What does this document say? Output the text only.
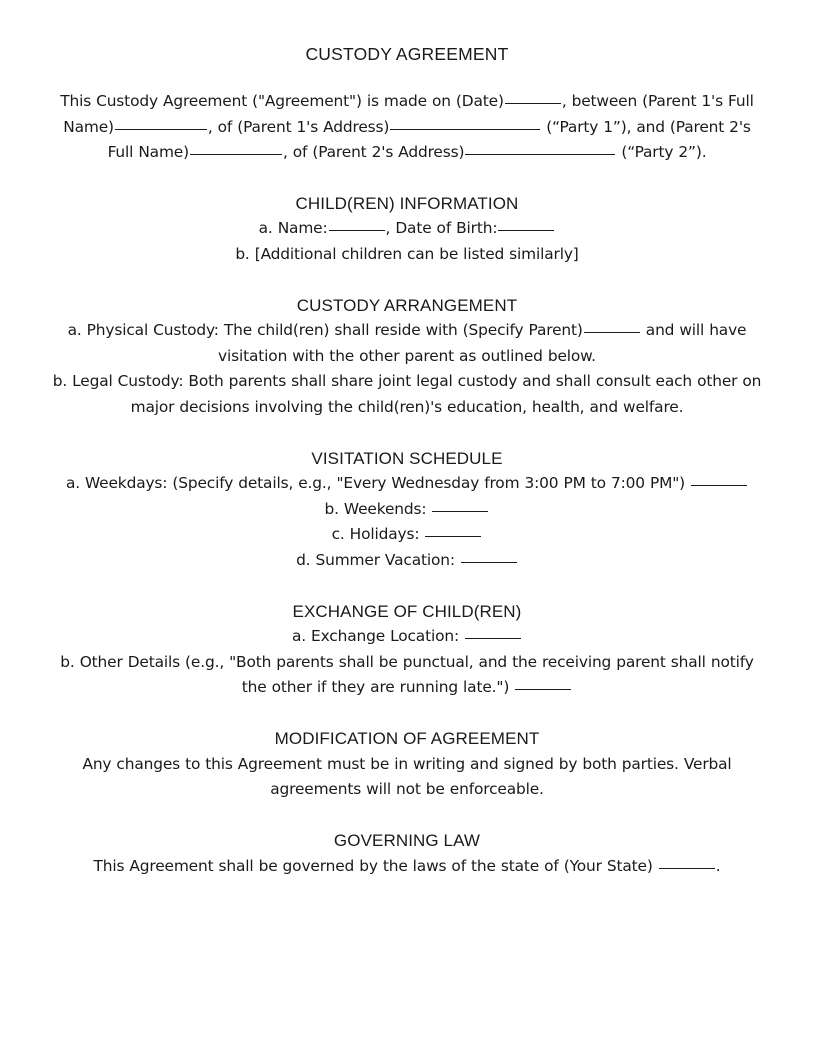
CUSTODY AGREEMENT

This Custody Agreement ("Agreement") is made on (Date)	, between (Parent 1's Full Name)	, of (Parent 1's Address)	(“Party 1”), and (Parent 2's Full Name)	, of (Parent 2's Address)	(“Party 2”).

CHILD(REN) INFORMATION

a. Name:	, Date of Birth:

b. [Additional children can be listed similarly]

CUSTODY ARRANGEMENT

a. Physical Custody: The child(ren) shall reside with (Specify Parent)	and will have visitation with the other parent as outlined below.

b. Legal Custody: Both parents shall share joint legal custody and shall consult each other on major decisions involving the child(ren)'s education, health, and welfare.

VISITATION SCHEDULE

a. Weekdays: (Specify details, e.g., "Every Wednesday from 3:00 PM to 7:00 PM")

b. Weekends:

c. Holidays:

d. Summer Vacation:

EXCHANGE OF CHILD(REN)

a. Exchange Location:

b. Other Details (e.g., "Both parents shall be punctual, and the receiving parent shall notify the other if they are running late.")

MODIFICATION OF AGREEMENT

Any changes to this Agreement must be in writing and signed by both parties. Verbal agreements will not be enforceable.

GOVERNING LAW

This Agreement shall be governed by the laws of the state of (Your State)	.
